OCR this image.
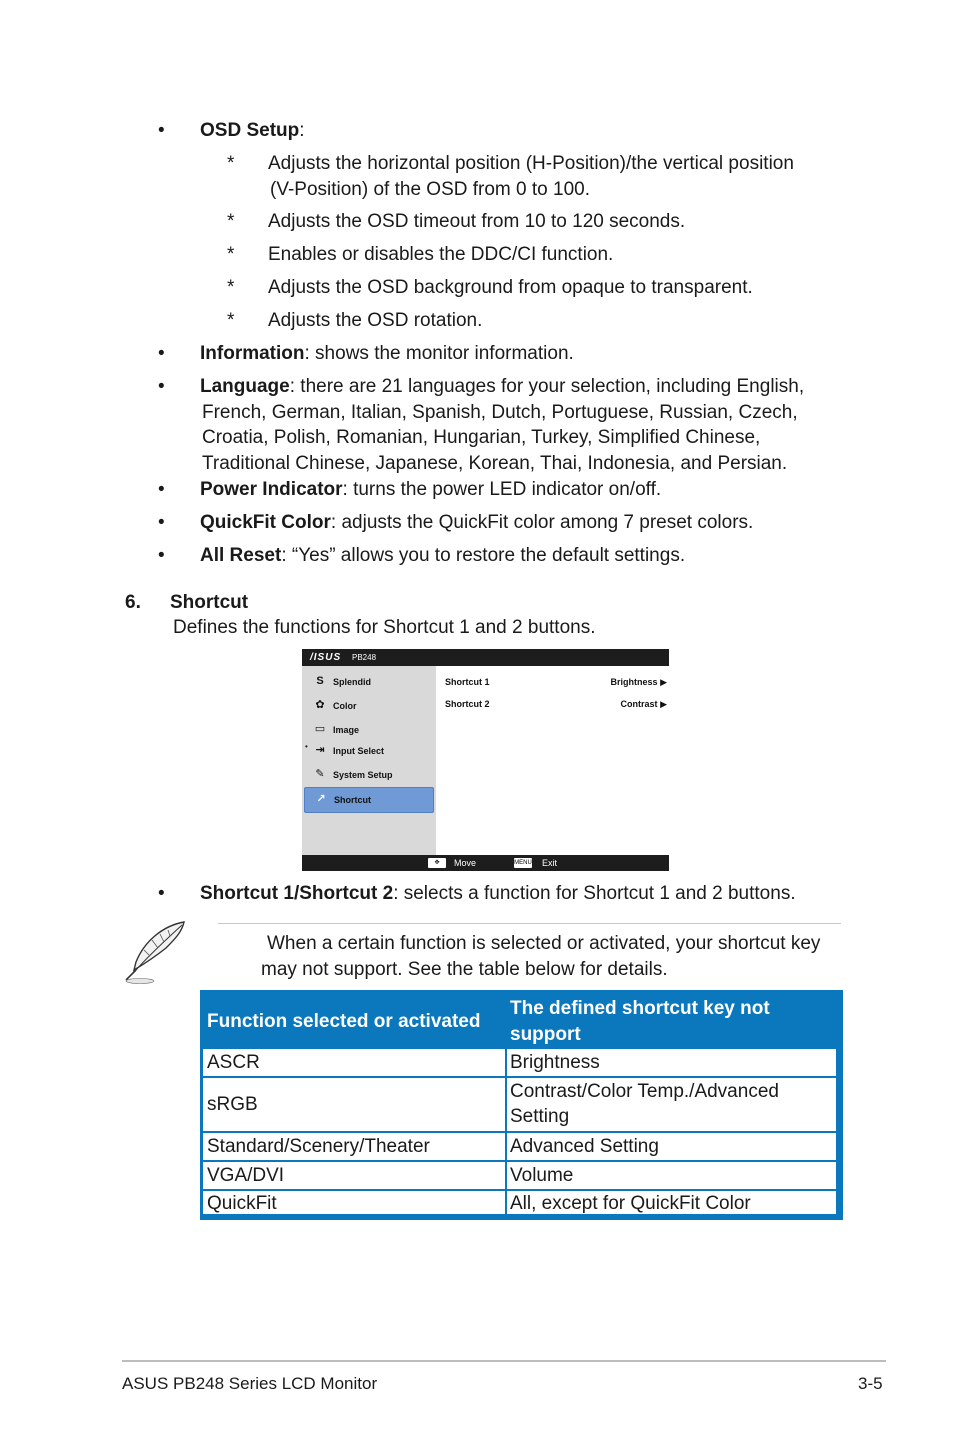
• OSD Setup:
* Adjusts the horizontal position (H-Position)/the vertical position
(V-Position) of the OSD from 0 to 100.
* Adjusts the OSD timeout from 10 to 120 seconds.
* Enables or disables the DDC/CI function.
* Adjusts the OSD background from opaque to transparent.
* Adjusts the OSD rotation.
• Information: shows the monitor information.
• Language: there are 21 languages for your selection, including English,
French, German, Italian, Spanish, Dutch, Portuguese, Russian, Czech,
Croatia, Polish, Romanian, Hungarian, Turkey, Simplified Chinese,
Traditional Chinese, Japanese, Korean, Thai, Indonesia, and Persian.
• Power Indicator: turns the power LED indicator on/off.
• QuickFit Color: adjusts the QuickFit color among 7 preset colors.
• All Reset: “Yes” allows you to restore the default settings.
6. Shortcut
Defines the functions for Shortcut 1 and 2 buttons.
/ISUS PB248
S Splendid
✿ Color
▭ Image
• ⇥ Input Select
✎ System Setup
↗ Shortcut
Shortcut 1	Brightness ▶
Shortcut 2	Contrast ▶
✥	Move	MENU Exit
• Shortcut 1/Shortcut 2: selects a function for Shortcut 1 and 2 buttons.
When a certain function is selected or activated, your shortcut key
may not support. See the table below for details.
Function selected or activated
The defined shortcut key not
support
ASCR	Brightness
sRGB
Contrast/Color Temp./Advanced
Setting
Standard/Scenery/Theater	Advanced Setting
VGA/DVI	Volume
QuickFit	All, except for QuickFit Color
ASUS PB248 Series LCD Monitor	3-5
